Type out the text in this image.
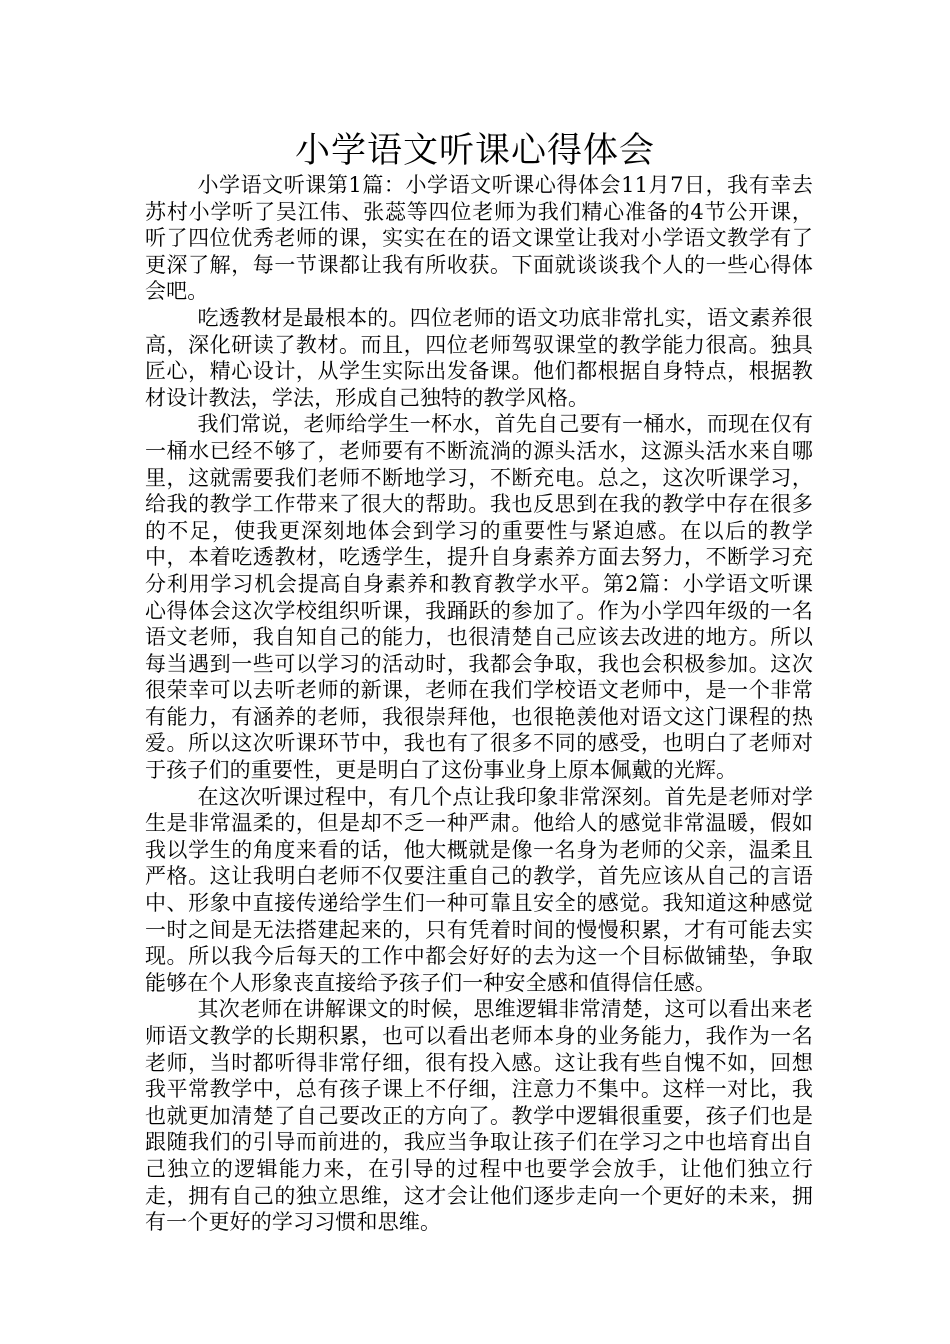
小学语文听课心得体会

小学语文听课第1篇：小学语文听课心得体会11月7日，我有幸去苏村小学听了吴江伟、张蕊等四位老师为我们精心准备的4节公开课，听了四位优秀老师的课，实实在在的语文课堂让我对小学语文教学有了更深了解，每一节课都让我有所收获。下面就谈谈我个人的一些心得体会吧。

吃透教材是最根本的。四位老师的语文功底非常扎实，语文素养很高，深化研读了教材。而且，四位老师驾驭课堂的教学能力很高。独具匠心，精心设计，从学生实际出发备课。他们都根据自身特点，根据教材设计教法，学法，形成自己独特的教学风格。

我们常说，老师给学生一杯水，首先自己要有一桶水，而现在仅有一桶水已经不够了，老师要有不断流淌的源头活水，这源头活水来自哪里，这就需要我们老师不断地学习，不断充电。总之，这次听课学习，给我的教学工作带来了很大的帮助。我也反思到在我的教学中存在很多的不足，使我更深刻地体会到学习的重要性与紧迫感。在以后的教学中，本着吃透教材，吃透学生，提升自身素养方面去努力，不断学习充分利用学习机会提高自身素养和教育教学水平。第2篇：小学语文听课心得体会这次学校组织听课，我踊跃的参加了。作为小学四年级的一名语文老师，我自知自己的能力，也很清楚自己应该去改进的地方。所以每当遇到一些可以学习的活动时，我都会争取，我也会积极参加。这次很荣幸可以去听老师的新课，老师在我们学校语文老师中，是一个非常有能力，有涵养的老师，我很崇拜他，也很艳羡他对语文这门课程的热爱。所以这次听课环节中，我也有了很多不同的感受，也明白了老师对于孩子们的重要性，更是明白了这份事业身上原本佩戴的光辉。

在这次听课过程中，有几个点让我印象非常深刻。首先是老师对学生是非常温柔的，但是却不乏一种严肃。他给人的感觉非常温暖，假如我以学生的角度来看的话，他大概就是像一名身为老师的父亲，温柔且严格。这让我明白老师不仅要注重自己的教学，首先应该从自己的言语中、形象中直接传递给学生们一种可靠且安全的感觉。我知道这种感觉一时之间是无法搭建起来的，只有凭着时间的慢慢积累，才有可能去实现。所以我今后每天的工作中都会好好的去为这一个目标做铺垫，争取能够在个人形象丧直接给予孩子们一种安全感和值得信任感。

其次老师在讲解课文的时候，思维逻辑非常清楚，这可以看出来老师语文教学的长期积累，也可以看出老师本身的业务能力，我作为一名老师，当时都听得非常仔细，很有投入感。这让我有些自愧不如，回想我平常教学中，总有孩子课上不仔细，注意力不集中。这样一对比，我也就更加清楚了自己要改正的方向了。教学中逻辑很重要，孩子们也是跟随我们的引导而前进的，我应当争取让孩子们在学习之中也培育出自己独立的逻辑能力来，在引导的过程中也要学会放手，让他们独立行走，拥有自己的独立思维，这才会让他们逐步走向一个更好的未来，拥有一个更好的学习习惯和思维。
